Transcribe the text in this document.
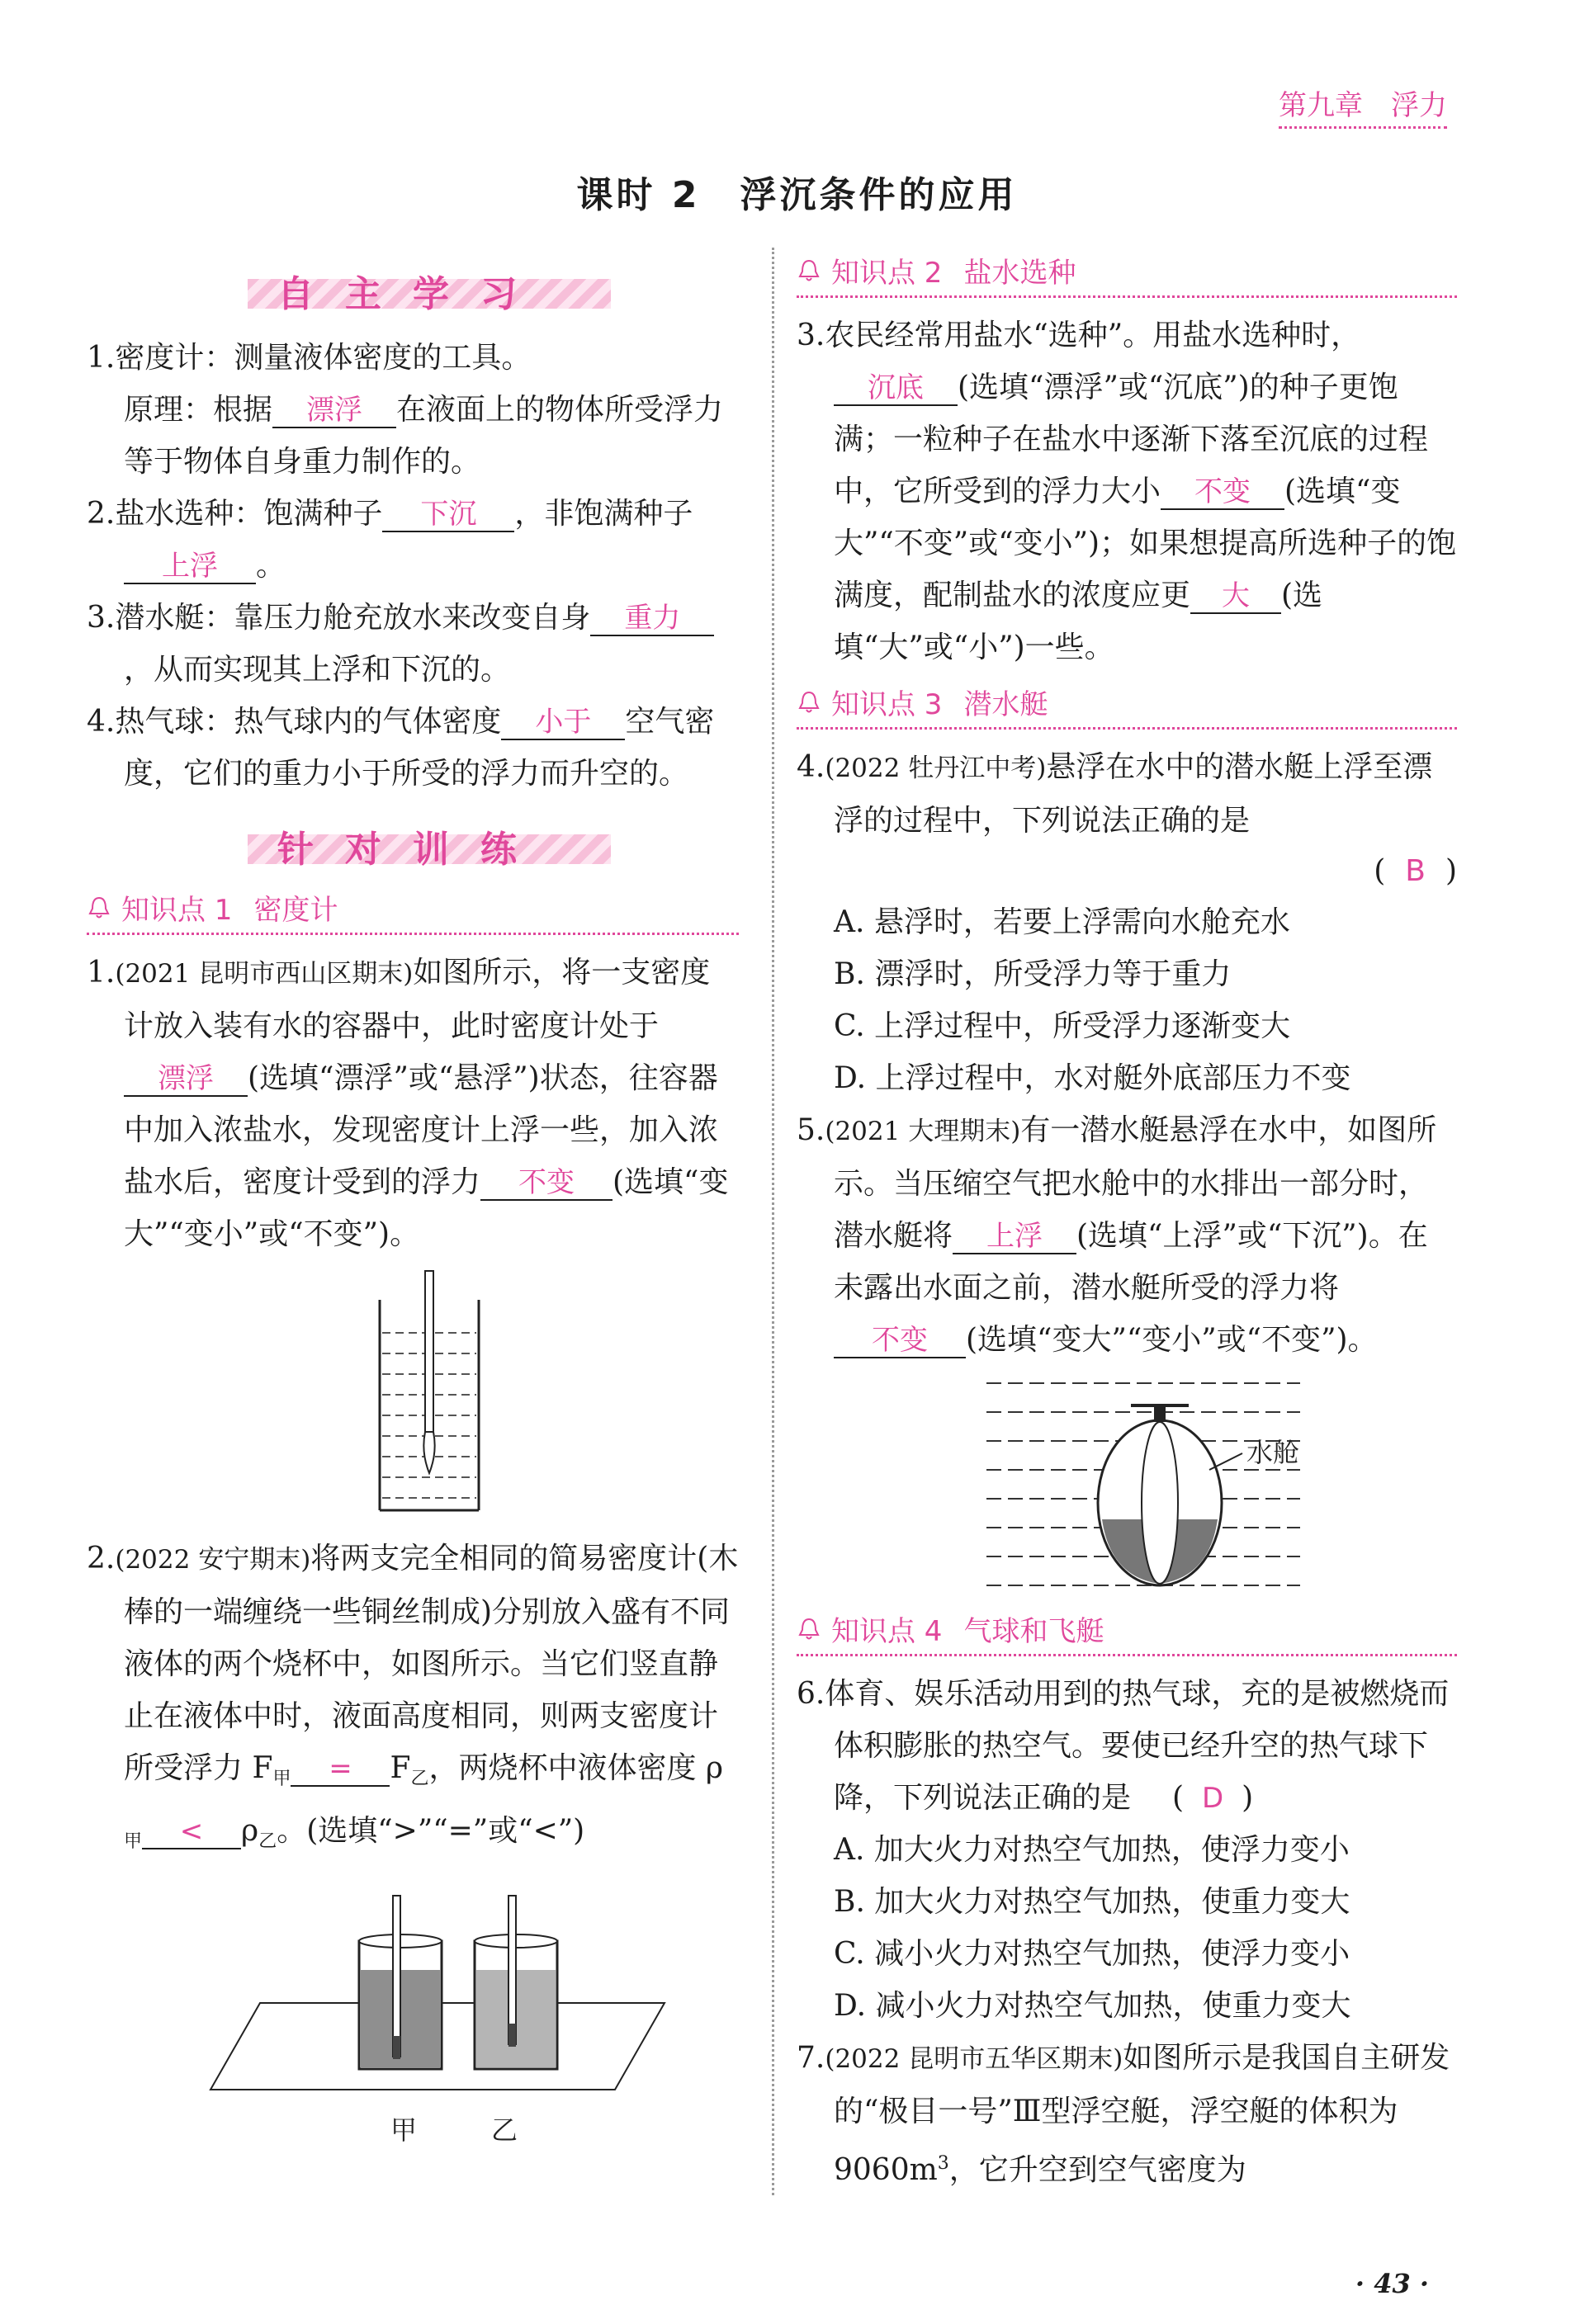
第九章　浮力
课时 2　浮沉条件的应用
自主学习

1.密度计：测量液体密度的工具。

原理：根据 漂浮 在液面上的物体所受浮力等于物体自身重力制作的。

2.盐水选种：饱满种子 下沉 ，非饱满种子上浮 。

3.潜水艇：靠压力舱充放水来改变自身 重力，从而实现其上浮和下沉的。

4.热气球：热气球内的气体密度 小于 空气密度，它们的重力小于所受的浮力而升空的。

针对训练
知识点 1 密度计

1.(2021 昆明市西山区期末)如图所示，将一支密度计放入装有水的容器中，此时密度计处于漂浮 (选填“漂浮”或“悬浮”)状态，往容器中加入浓盐水，发现密度计上浮一些，加入浓盐水后，密度计受到的浮力 不变 (选填“变大”“变小”或“不变”)。

2.(2022 安宁期末)将两支完全相同的简易密度计(木棒的一端缠绕一些铜丝制成)分别放入盛有不同液体的两个烧杯中，如图所示。当它们竖直静止在液体中时，液面高度相同，则两支密度计所受浮力 $F_甲 = F_乙$，两烧杯中液体密度 $\rho_甲 < \rho_乙$。(选填“>”“=”或“<”)

甲	乙
知识点 2 盐水选种

3.农民经常用盐水“选种”。用盐水选种时，沉底 (选填“漂浮”或“沉底”)的种子更饱满；一粒种子在盐水中逐渐下落至沉底的过程中，它所受到的浮力大小 不变 (选填“变大”“不变”或“变小”)；如果想提高所选种子的饱满度，配制盐水的浓度应更 大 (选填“大”或“小”)一些。

知识点 3 潜水艇

4.(2022 牡丹江中考)悬浮在水中的潜水艇上浮至漂浮的过程中，下列说法正确的是

( B )

A. 悬浮时，若要上浮需向水舱充水

B. 漂浮时，所受浮力等于重力

C. 上浮过程中，所受浮力逐渐变大

D. 上浮过程中，水对艇外底部压力不变

5.(2021 大理期末)有一潜水艇悬浮在水中，如图所示。当压缩空气把水舱中的水排出一部分时，潜水艇将 上浮 (选填“上浮”或“下沉”)。在未露出水面之前，潜水艇所受的浮力将不变 (选填“变大”“变小”或“不变”)。

水舱
知识点 4 气球和飞艇

6.体育、娱乐活动用到的热气球，充的是被燃烧而体积膨胀的热空气。要使已经升空的热气球下降，下列说法正确的是 ( D )

A. 加大火力对热空气加热，使浮力变小

B. 加大火力对热空气加热，使重力变大

C. 减小火力对热空气加热，使浮力变小

D. 减小火力对热空气加热，使重力变大

7.(2022 昆明市五华区期末)如图所示是我国自主研发的“极目一号”Ⅲ型浮空艇，浮空艇的体积为 $9060m^3$，它升空到空气密度为

· 43 ·
